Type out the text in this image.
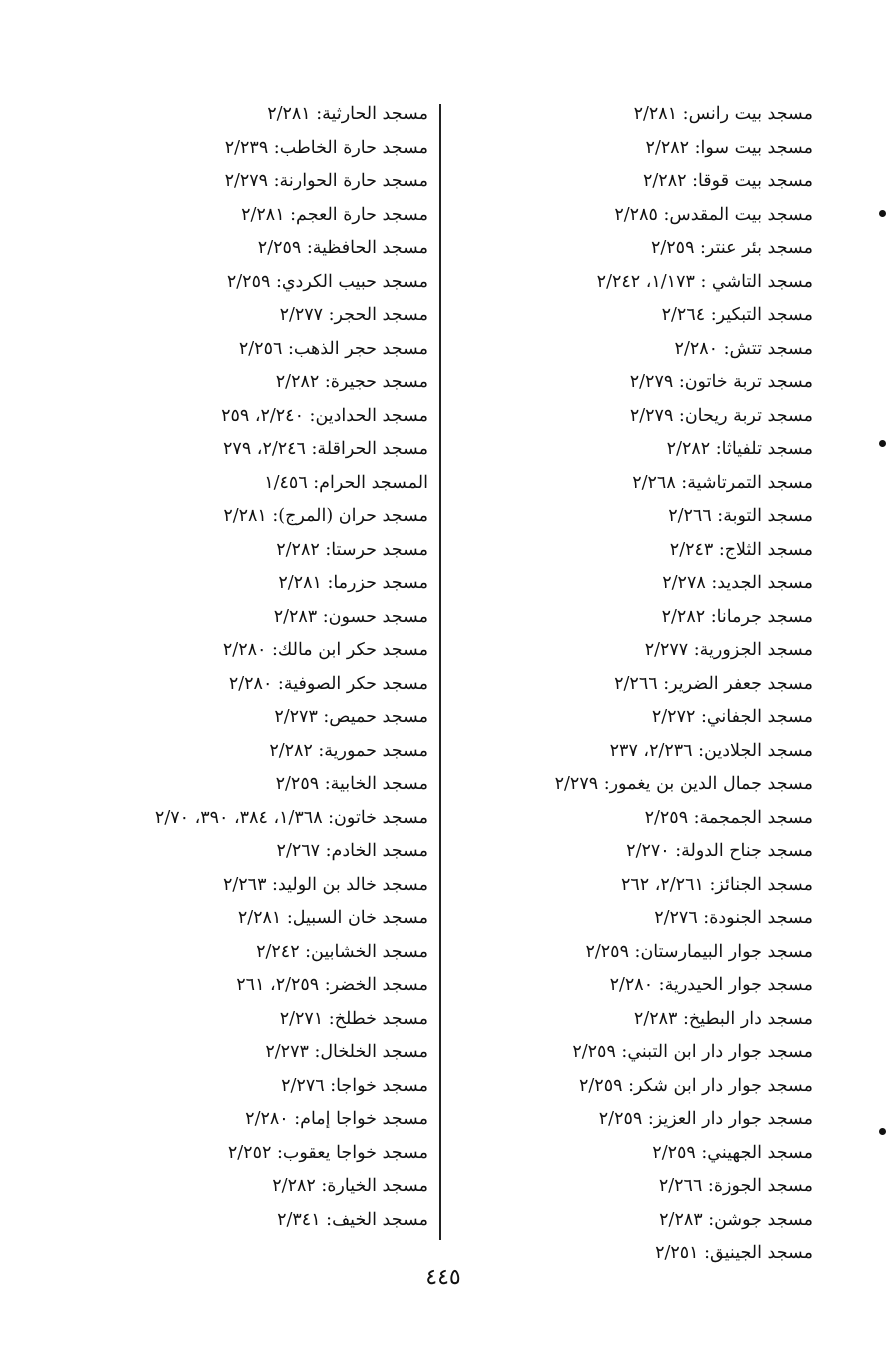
مسجد بيت رانس: ٢/٢٨١
مسجد بيت سوا: ٢/٢٨٢
مسجد بيت قوقا: ٢/٢٨٢
مسجد بيت المقدس: ٢/٢٨٥
مسجد بئر عنتر: ٢/٢٥٩
مسجد التاشي : ١/١٧٣، ٢/٢٤٢
مسجد التبكير: ٢/٢٦٤
مسجد تتش: ٢/٢٨٠
مسجد تربة خاتون: ٢/٢٧٩
مسجد تربة ريحان: ٢/٢٧٩
مسجد تلفياثا: ٢/٢٨٢
مسجد التمرتاشية: ٢/٢٦٨
مسجد التوبة: ٢/٢٦٦
مسجد الثلاج: ٢/٢٤٣
مسجد الجديد: ٢/٢٧٨
مسجد جرمانا: ٢/٢٨٢
مسجد الجزورية: ٢/٢٧٧
مسجد جعفر الضرير: ٢/٢٦٦
مسجد الجفاني: ٢/٢٧٢
مسجد الجلادين: ٢/٢٣٦، ٢٣٧
مسجد جمال الدين بن يغمور: ٢/٢٧٩
مسجد الجمجمة: ٢/٢٥٩
مسجد جناح الدولة: ٢/٢٧٠
مسجد الجنائز: ٢/٢٦١، ٢٦٢
مسجد الجنودة: ٢/٢٧٦
مسجد جوار البيمارستان: ٢/٢٥٩
مسجد جوار الحيدرية: ٢/٢٨٠
مسجد دار البطيخ: ٢/٢٨٣
مسجد جوار دار ابن التبني: ٢/٢٥٩
مسجد جوار دار ابن شكر: ٢/٢٥٩
مسجد جوار دار العزيز: ٢/٢٥٩
مسجد الجهيني: ٢/٢٥٩
مسجد الجوزة: ٢/٢٦٦
مسجد جوشن: ٢/٢٨٣
مسجد الجينيق: ٢/٢٥١
مسجد الحارثية: ٢/٢٨١
مسجد حارة الخاطب: ٢/٢٣٩
مسجد حارة الحوارنة: ٢/٢٧٩
مسجد حارة العجم: ٢/٢٨١
مسجد الحافظية: ٢/٢٥٩
مسجد حبيب الكردي: ٢/٢٥٩
مسجد الحجر: ٢/٢٧٧
مسجد حجر الذهب: ٢/٢٥٦
مسجد حجيرة: ٢/٢٨٢
مسجد الحدادين: ٢/٢٤٠، ٢٥٩
مسجد الحراقلة: ٢/٢٤٦، ٢٧٩
المسجد الحرام: ١/٤٥٦
مسجد حران (المرج): ٢/٢٨١
مسجد حرستا: ٢/٢٨٢
مسجد حزرما: ٢/٢٨١
مسجد حسون: ٢/٢٨٣
مسجد حكر ابن مالك: ٢/٢٨٠
مسجد حكر الصوفية: ٢/٢٨٠
مسجد حميص: ٢/٢٧٣
مسجد حمورية: ٢/٢٨٢
مسجد الخابية: ٢/٢٥٩
مسجد خاتون: ١/٣٦٨، ٣٨٤، ٣٩٠، ٢/٧٠
مسجد الخادم: ٢/٢٦٧
مسجد خالد بن الوليد: ٢/٢٦٣
مسجد خان السبيل: ٢/٢٨١
مسجد الخشابين: ٢/٢٤٢
مسجد الخضر: ٢/٢٥٩، ٢٦١
مسجد خطلخ: ٢/٢٧١
مسجد الخلخال: ٢/٢٧٣
مسجد خواجا: ٢/٢٧٦
مسجد خواجا إمام: ٢/٢٨٠
مسجد خواجا يعقوب: ٢/٢٥٢
مسجد الخيارة: ٢/٢٨٢
مسجد الخيف: ٢/٣٤١
٤٤٥
